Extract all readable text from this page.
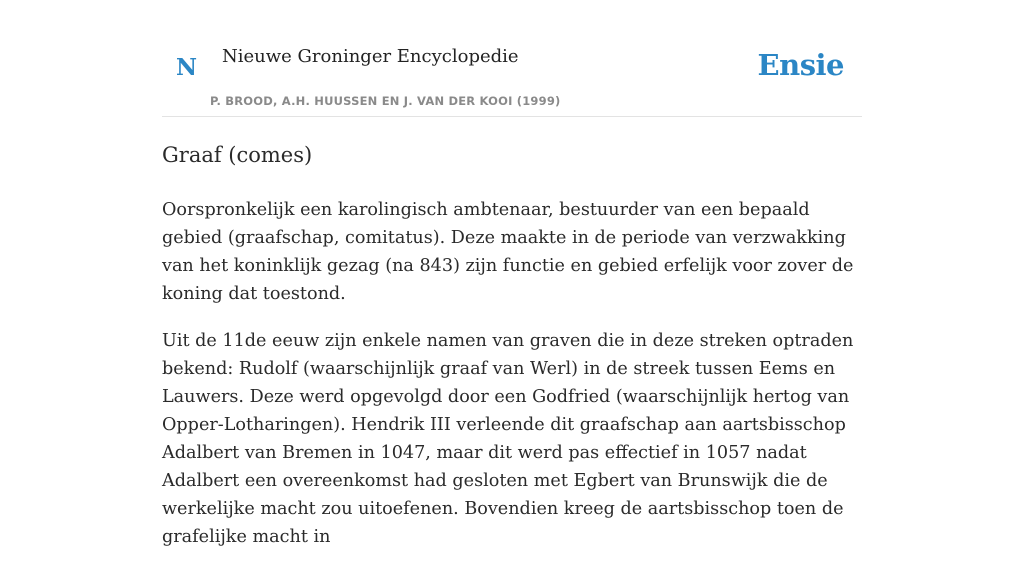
N Nieuwe Groninger Encyclopedie
P. BROOD, A.H. HUUSSEN EN J. VAN DER KOOI (1999)
Ensie
Graaf (comes)

Oorspronkelijk een karolingisch ambtenaar, bestuurder van een bepaald gebied (graafschap, comitatus). Deze maakte in de periode van verzwakking van het koninklijk gezag (na 843) zijn functie en gebied erfelijk voor zover de koning dat toestond.

Uit de 11de eeuw zijn enkele namen van graven die in deze streken optraden bekend: Rudolf (waarschijnlijk graaf van Werl) in de streek tussen Eems en Lauwers. Deze werd opgevolgd door een Godfried (waarschijnlijk hertog van Opper-Lotharingen). Hendrik III verleende dit graafschap aan aartsbisschop Adalbert van Bremen in 1047, maar dit werd pas effectief in 1057 nadat Adalbert een overeenkomst had gesloten met Egbert van Brunswijk die de werkelijke macht zou uitoefenen. Bovendien kreeg de aartsbisschop toen de grafelijke macht in
